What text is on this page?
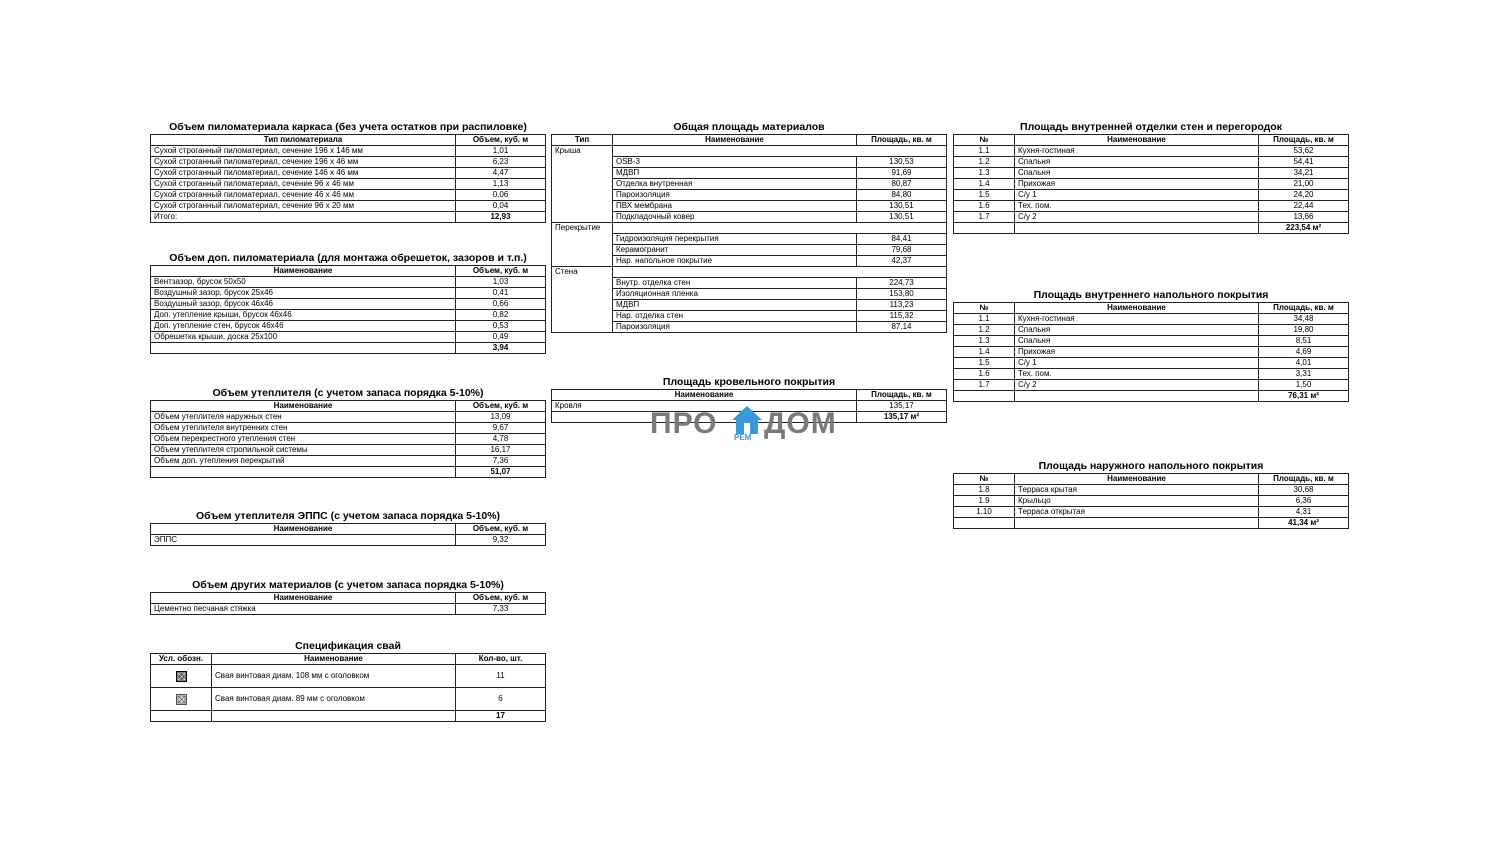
Объем пиломатериала каркаса (без учета остатков при распиловке)
Тип пиломатериала	Объем, куб. м
Сухой строганный пиломатериал, сечение 196 х 146 мм	1,01
Сухой строганный пиломатериал, сечение 196 х 46 мм	6,23
Сухой строганный пиломатериал, сечение 146 х 46 мм	4,47
Сухой строганный пиломатериал, сечение 96 х 46 мм	1,13
Сухой строганный пиломатериал, сечение 46 х 46 мм	0,06
Сухой строганный пиломатериал, сечение 96 х 20 мм	0,04
Итого:	12,93
Объем доп. пиломатериала (для монтажа обрешеток, зазоров и т.п.)
Наименование	Объем, куб. м
Вентзазор, брусок 50х50	1,03
Воздушный зазор, брусок 25х46	0,41
Воздушный зазор, брусок 46х46	0,66
Доп. утепление крыши, брусок 46х46	0,82
Доп. утепление стен, брусок 46х46	0,53
Обрешетка крыши, доска 25х100	0,49
	3,94
Объем утеплителя (с учетом запаса порядка 5-10%)
Наименование	Объем, куб. м
Объем утеплителя наружных стен	13,09
Объем утеплителя внутренних стен	9,67
Объем перекрестного утепления стен	4,78
Объем утеплителя стропильной системы	16,17
Объем доп. утепления перекрытий	7,36
	51,07
Объем утеплителя ЭППС (с учетом запаса порядка 5-10%)
Наименование	Объем, куб. м
ЭППС	9,32
Объем других материалов (с учетом запаса порядка 5-10%)
Наименование	Объем, куб. м
Цементно песчаная стяжка	7,33
Спецификация свай
Усл. обозн.	Наименование	Кол-во, шт.
	Свая винтовая диам. 108 мм с оголовком	11
	Свая винтовая диам. 89 мм с оголовком	6
		17
Общая площадь материалов
Тип	Наименование	Площадь, кв. м
Крыша		
	OSB-3	130,53
	МДВП	91,69
	Отделка внутренная	80,87
	Пароизоляция	84,80
	ПВХ мембрана	130,51
	Подкладочный ковер	130,51
Перекрытие		
	Гидроизоляция перекрытия	84,41
	Керамогранит	79,68
	Нар. напольное покрытие	42,37
Стена		
	Внутр. отделка стен	224,73
	Изоляционная пленка	153,80
	МДВП	113,23
	Нар. отделка стен	115,32
	Пароизоляция	87,14
Площадь кровельного покрытия
Наименование	Площадь, кв. м
Кровля	135,17
	135,17 м²
ПРО РЕМ ДОМ
Площадь внутренней отделки стен и перегородок
№	Наименование	Площадь, кв. м
1.1	Кухня-гостиная	53,62
1.2	Спальня	54,41
1.3	Спальня	34,21
1.4	Прихожая	21,00
1.5	С/у 1	24,20
1.6	Тех. пом.	22,44
1.7	С/у 2	13,66
		223,54 м²
Площадь внутреннего напольного покрытия
№	Наименование	Площадь, кв. м
1.1	Кухня-гостиная	34,48
1.2	Спальня	19,80
1.3	Спальня	8,51
1.4	Прихожая	4,69
1.5	С/у 1	4,01
1.6	Тех. пом.	3,31
1.7	С/у 2	1,50
		76,31 м²
Площадь наружного напольного покрытия
№	Наименование	Площадь, кв. м
1.8	Терраса крытая	30,68
1.9	Крыльцо	6,36
1.10	Терраса открытая	4,31
		41,34 м²
